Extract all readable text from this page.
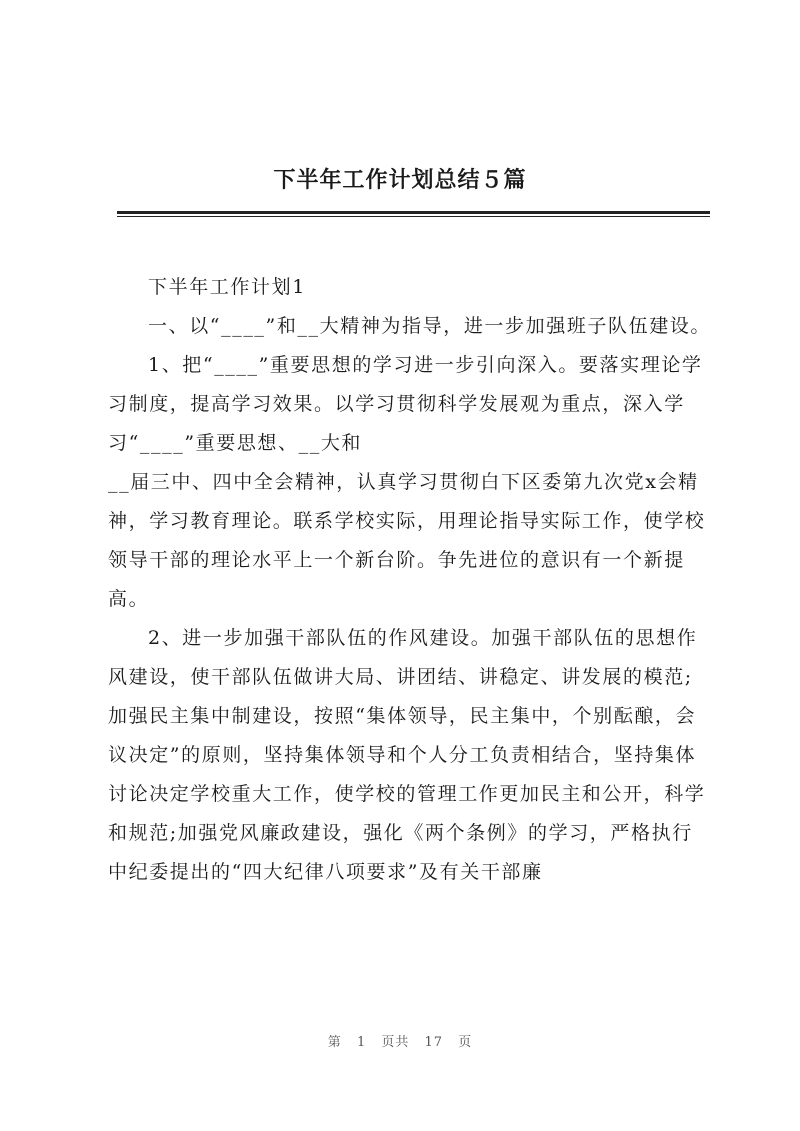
下半年工作计划总结５篇

下半年工作计划1

一、以“____”和__大精神为指导，进一步加强班子队伍建设。

1、把“____”重要思想的学习进一步引向深入。要落实理论学习制度，提高学习效果。以学习贯彻科学发展观为重点，深入学习“____”重要思想、__大和

__届三中、四中全会精神，认真学习贯彻白下区委第九次党x会精神，学习教育理论。联系学校实际，用理论指导实际工作，使学校领导干部的理论水平上一个新台阶。争先进位的意识有一个新提高。

2、进一步加强干部队伍的作风建设。加强干部队伍的思想作风建设，使干部队伍做讲大局、讲团结、讲稳定、讲发展的模范;加强民主集中制建设，按照“集体领导，民主集中，个别酝酿，会议决定”的原则，坚持集体领导和个人分工负责相结合，坚持集体讨论决定学校重大工作，使学校的管理工作更加民主和公开，科学和规范;加强党风廉政建设，强化《两个条例》的学习，严格执行中纪委提出的“四大纪律八项要求”及有关干部廉

第 1 页共 17 页
